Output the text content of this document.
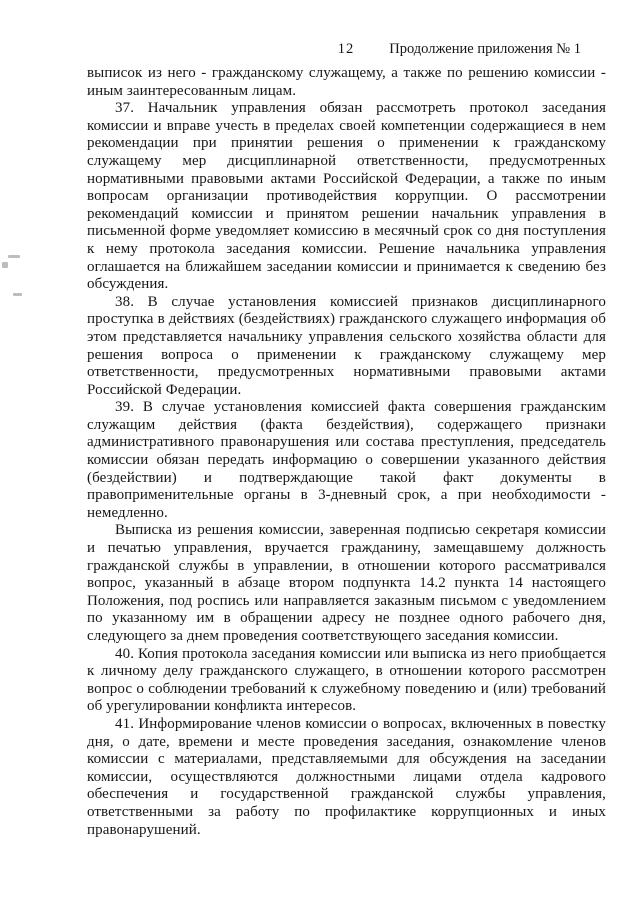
12	Продолжение приложения № 1

выписок из него - гражданскому служащему, а также по решению комиссии - иным заинтересованным лицам.

37. Начальник управления обязан рассмотреть протокол заседания комиссии и вправе учесть в пределах своей компетенции содержащиеся в нем рекомендации при принятии решения о применении к гражданскому служащему мер дисциплинарной ответственности, предусмотренных нормативными правовыми актами Российской Федерации, а также по иным вопросам организации противодействия коррупции. О рассмотрении рекомендаций комиссии и принятом решении начальник управления в письменной форме уведомляет комиссию в месячный срок со дня поступления к нему протокола заседания комиссии. Решение начальника управления оглашается на ближайшем заседании комиссии и принимается к сведению без обсуждения.

38. В случае установления комиссией признаков дисциплинарного проступка в действиях (бездействиях) гражданского служащего информация об этом представляется начальнику управления сельского хозяйства области для решения вопроса о применении к гражданскому служащему мер ответственности, предусмотренных нормативными правовыми актами Российской Федерации.

39. В случае установления комиссией факта совершения гражданским служащим действия (факта бездействия), содержащего признаки административного правонарушения или состава преступления, председатель комиссии обязан передать информацию о совершении указанного действия (бездействии) и подтверждающие такой факт документы в правоприменительные органы в 3-дневный срок, а при необходимости - немедленно.

Выписка из решения комиссии, заверенная подписью секретаря комиссии и печатью управления, вручается гражданину, замещавшему должность гражданской службы в управлении, в отношении которого рассматривался вопрос, указанный в абзаце втором подпункта 14.2 пункта 14 настоящего Положения, под роспись или направляется заказным письмом с уведомлением по указанному им в обращении адресу не позднее одного рабочего дня, следующего за днем проведения соответствующего заседания комиссии.

40. Копия протокола заседания комиссии или выписка из него приобщается к личному делу гражданского служащего, в отношении которого рассмотрен вопрос о соблюдении требований к служебному поведению и (или) требований об урегулировании конфликта интересов.

41. Информирование членов комиссии о вопросах, включенных в повестку дня, о дате, времени и месте проведения заседания, ознакомление членов комиссии с материалами, представляемыми для обсуждения на заседании комиссии, осуществляются должностными лицами отдела кадрового обеспечения и государственной гражданской службы управления, ответственными за работу по профилактике коррупционных и иных правонарушений.
